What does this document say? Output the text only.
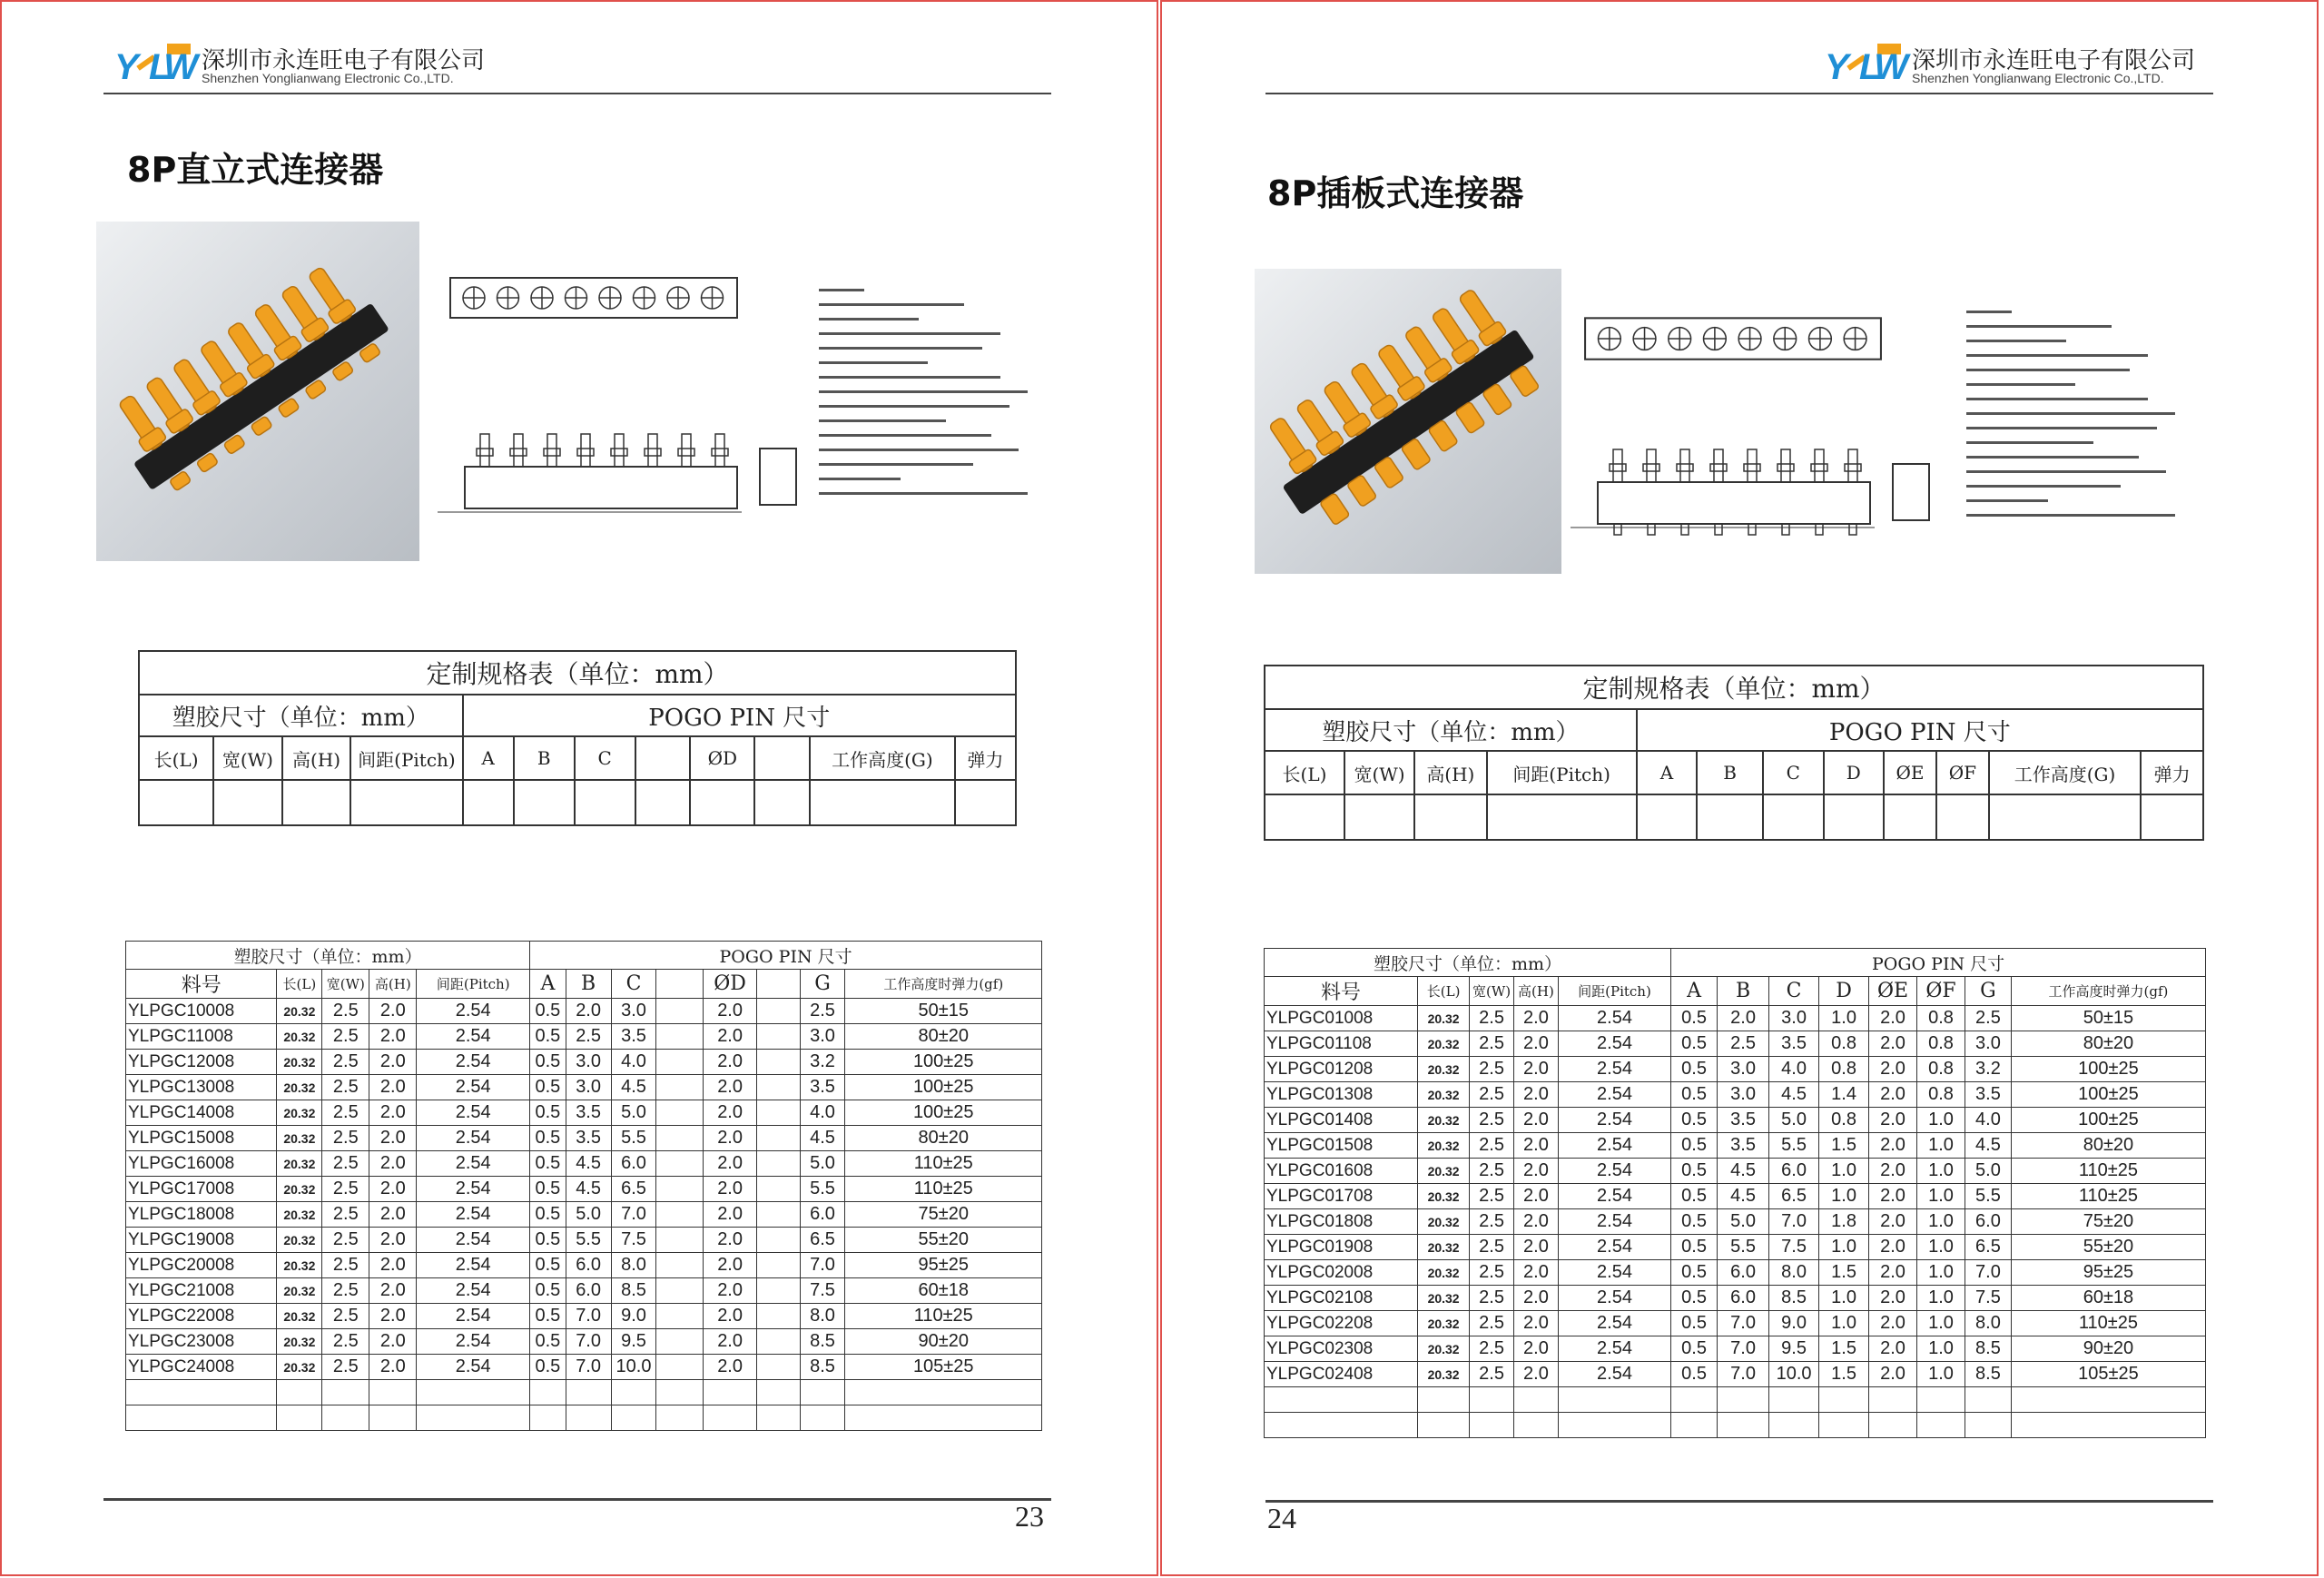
Y LW 深圳市永连旺电子有限公司
Shenzhen Yonglianwang Electronic Co.,LTD.
8P直立式连接器
定制规格表（单位：mm）											
塑胶尺寸（单位：mm）				POGO PIN 尺寸							
长(L)	宽(W)	高(H)	间距(Pitch)	A	B	C		ØD		工作高度(G)	弹力

塑胶尺寸（单位：mm）					POGO PIN 尺寸							
料号	长(L)	宽(W)	高(H)	间距(Pitch)	A	B	C		ØD		G	工作高度时弹力(gf)
YLPGC10008	20.32	2.5	2.0	2.54	0.5	2.0	3.0		2.0		2.5	50±15
YLPGC11008	20.32	2.5	2.0	2.54	0.5	2.5	3.5		2.0		3.0	80±20
YLPGC12008	20.32	2.5	2.0	2.54	0.5	3.0	4.0		2.0		3.2	100±25
YLPGC13008	20.32	2.5	2.0	2.54	0.5	3.0	4.5		2.0		3.5	100±25
YLPGC14008	20.32	2.5	2.0	2.54	0.5	3.5	5.0		2.0		4.0	100±25
YLPGC15008	20.32	2.5	2.0	2.54	0.5	3.5	5.5		2.0		4.5	80±20
YLPGC16008	20.32	2.5	2.0	2.54	0.5	4.5	6.0		2.0		5.0	110±25
YLPGC17008	20.32	2.5	2.0	2.54	0.5	4.5	6.5		2.0		5.5	110±25
YLPGC18008	20.32	2.5	2.0	2.54	0.5	5.0	7.0		2.0		6.0	75±20
YLPGC19008	20.32	2.5	2.0	2.54	0.5	5.5	7.5		2.0		6.5	55±20
YLPGC20008	20.32	2.5	2.0	2.54	0.5	6.0	8.0		2.0		7.0	95±25
YLPGC21008	20.32	2.5	2.0	2.54	0.5	6.0	8.5		2.0		7.5	60±18
YLPGC22008	20.32	2.5	2.0	2.54	0.5	7.0	9.0		2.0		8.0	110±25
YLPGC23008	20.32	2.5	2.0	2.54	0.5	7.0	9.5		2.0		8.5	90±20
YLPGC24008	20.32	2.5	2.0	2.54	0.5	7.0	10.0		2.0		8.5	105±25

23
Y LW 深圳市永连旺电子有限公司
Shenzhen Yonglianwang Electronic Co.,LTD.
8P插板式连接器
定制规格表（单位：mm）											
塑胶尺寸（单位：mm）				POGO PIN 尺寸							
长(L)	宽(W)	高(H)	间距(Pitch)	A	B	C	D	ØE	ØF	工作高度(G)	弹力

塑胶尺寸（单位：mm）					POGO PIN 尺寸							
料号	长(L)	宽(W)	高(H)	间距(Pitch)	A	B	C	D	ØE	ØF	G	工作高度时弹力(gf)
YLPGC01008	20.32	2.5	2.0	2.54	0.5	2.0	3.0	1.0	2.0	0.8	2.5	50±15
YLPGC01108	20.32	2.5	2.0	2.54	0.5	2.5	3.5	0.8	2.0	0.8	3.0	80±20
YLPGC01208	20.32	2.5	2.0	2.54	0.5	3.0	4.0	0.8	2.0	0.8	3.2	100±25
YLPGC01308	20.32	2.5	2.0	2.54	0.5	3.0	4.5	1.4	2.0	0.8	3.5	100±25
YLPGC01408	20.32	2.5	2.0	2.54	0.5	3.5	5.0	0.8	2.0	1.0	4.0	100±25
YLPGC01508	20.32	2.5	2.0	2.54	0.5	3.5	5.5	1.5	2.0	1.0	4.5	80±20
YLPGC01608	20.32	2.5	2.0	2.54	0.5	4.5	6.0	1.0	2.0	1.0	5.0	110±25
YLPGC01708	20.32	2.5	2.0	2.54	0.5	4.5	6.5	1.0	2.0	1.0	5.5	110±25
YLPGC01808	20.32	2.5	2.0	2.54	0.5	5.0	7.0	1.8	2.0	1.0	6.0	75±20
YLPGC01908	20.32	2.5	2.0	2.54	0.5	5.5	7.5	1.0	2.0	1.0	6.5	55±20
YLPGC02008	20.32	2.5	2.0	2.54	0.5	6.0	8.0	1.5	2.0	1.0	7.0	95±25
YLPGC02108	20.32	2.5	2.0	2.54	0.5	6.0	8.5	1.0	2.0	1.0	7.5	60±18
YLPGC02208	20.32	2.5	2.0	2.54	0.5	7.0	9.0	1.0	2.0	1.0	8.0	110±25
YLPGC02308	20.32	2.5	2.0	2.54	0.5	7.0	9.5	1.5	2.0	1.0	8.5	90±20
YLPGC02408	20.32	2.5	2.0	2.54	0.5	7.0	10.0	1.5	2.0	1.0	8.5	105±25

24
